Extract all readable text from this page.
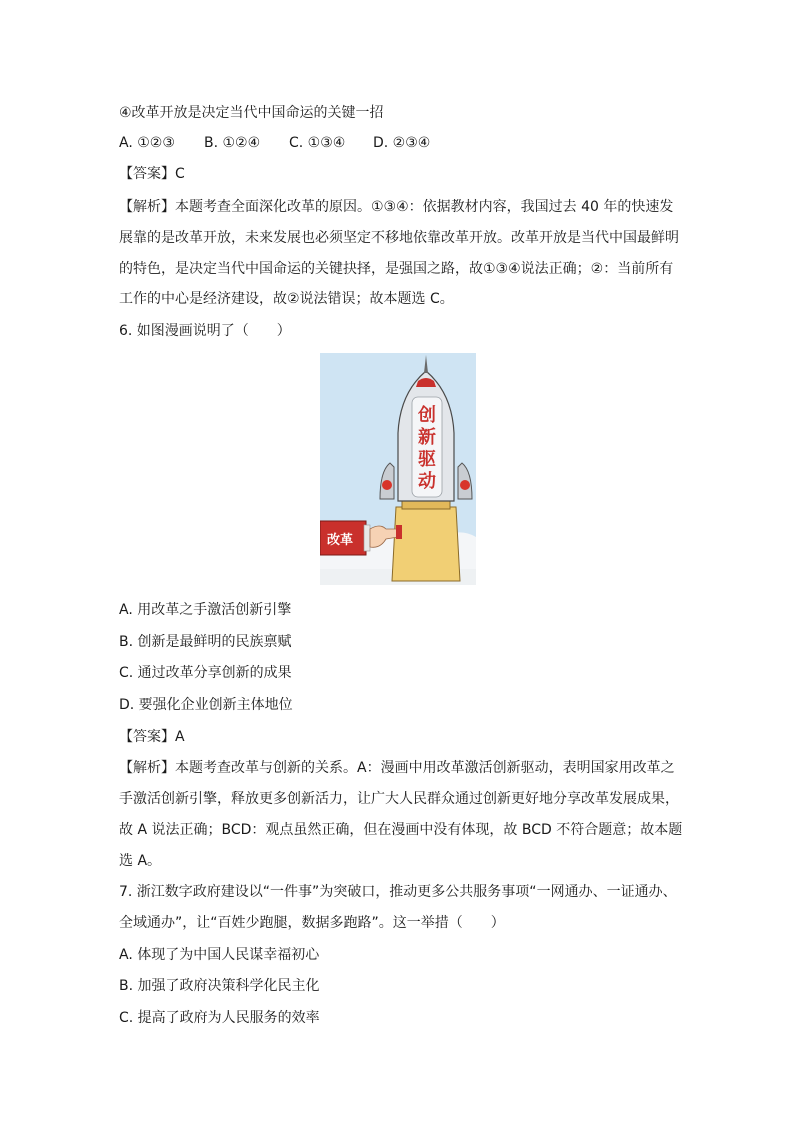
④改革开放是决定当代中国命运的关键一招
A. ①②③ B. ①②④ C. ①③④ D. ②③④
【答案】C
【解析】本题考查全面深化改革的原因。①③④：依据教材内容，我国过去 40 年的快速发
展靠的是改革开放，未来发展也必须坚定不移地依靠改革开放。改革开放是当代中国最鲜明
的特色，是决定当代中国命运的关键抉择，是强国之路，故①③④说法正确；②：当前所有
工作的中心是经济建设，故②说法错误；故本题选 C。
6. 如图漫画说明了（　　）
创
新
驱
动
改革
A. 用改革之手激活创新引擎
B. 创新是最鲜明的民族禀赋
C. 通过改革分享创新的成果
D. 要强化企业创新主体地位
【答案】A
【解析】本题考查改革与创新的关系。A：漫画中用改革激活创新驱动，表明国家用改革之
手激活创新引擎，释放更多创新活力，让广大人民群众通过创新更好地分享改革发展成果，
故 A 说法正确；BCD：观点虽然正确，但在漫画中没有体现，故 BCD 不符合题意；故本题
选 A。
7. 浙江数字政府建设以“一件事”为突破口，推动更多公共服务事项“一网通办、一证通办、
全域通办”，让“百姓少跑腿，数据多跑路”。这一举措（　　）
A. 体现了为中国人民谋幸福初心
B. 加强了政府决策科学化民主化
C. 提高了政府为人民服务的效率
